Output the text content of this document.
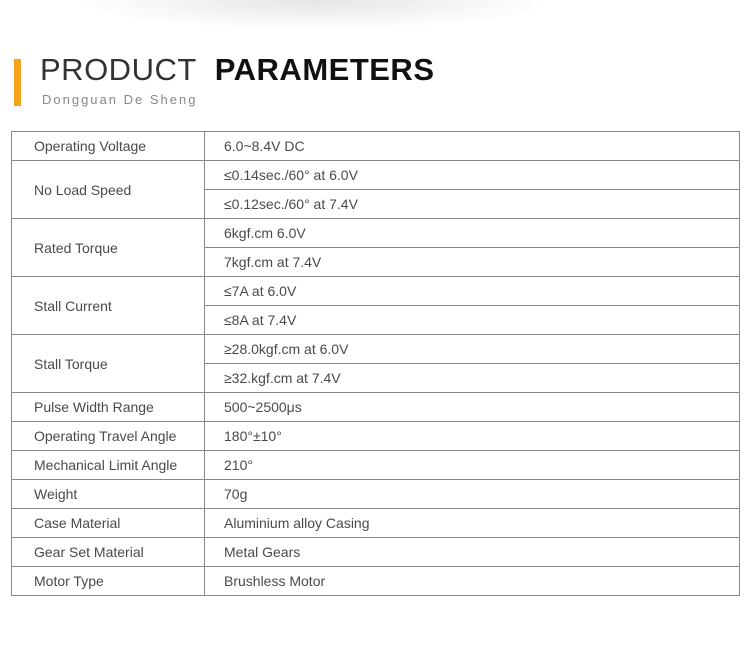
PRODUCT PARAMETERS
Dongguan De Sheng
Operating Voltage	6.0~8.4V DC
No Load Speed	≤0.14sec./60° at 6.0V
	≤0.12sec./60° at 7.4V
Rated Torque	6kgf.cm 6.0V
	7kgf.cm at 7.4V
Stall Current	≤7A at 6.0V
	≤8A at 7.4V
Stall Torque	≥28.0kgf.cm at 6.0V
	≥32.kgf.cm at 7.4V
Pulse Width Range	500~2500μs
Operating Travel Angle	180°±10°
Mechanical Limit Angle	210°
Weight	70g
Case Material	Aluminium alloy Casing
Gear Set Material	Metal Gears
Motor Type	Brushless Motor
